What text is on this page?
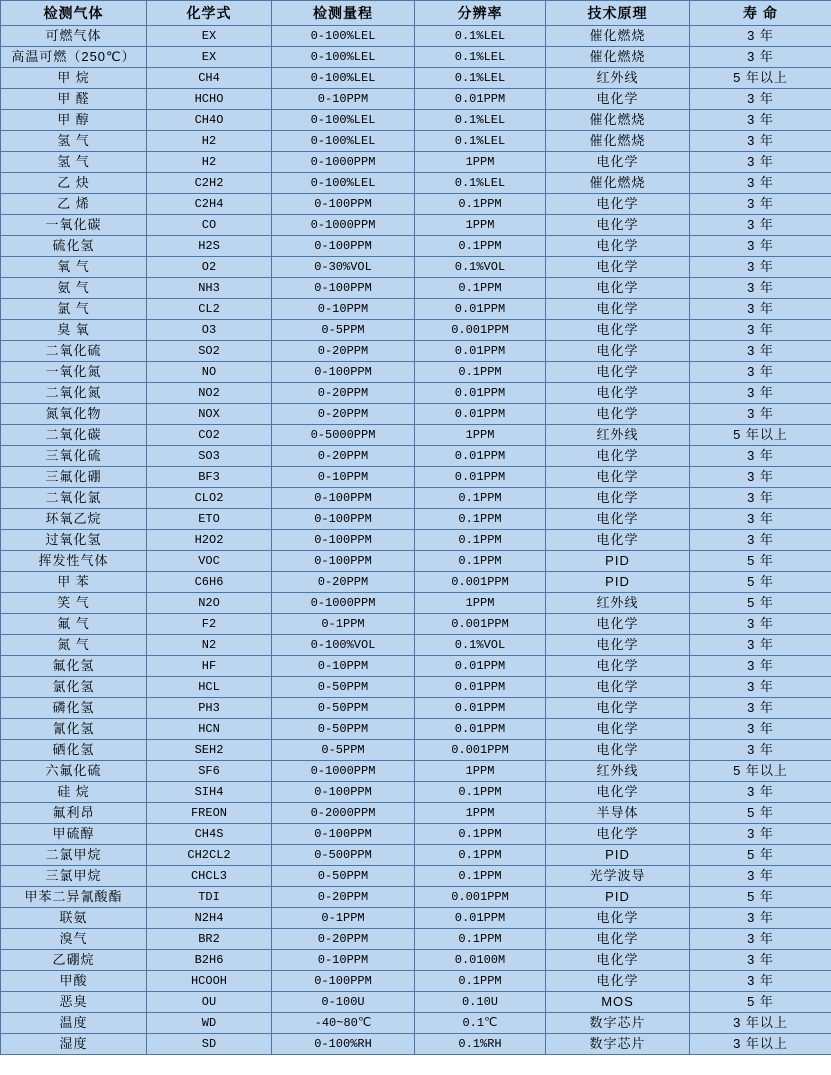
检测气体	化学式	检测量程	分辨率	技术原理	寿 命
可燃气体	EX	0-100%LEL	0.1%LEL	催化燃烧	3 年
高温可燃（250℃）	EX	0-100%LEL	0.1%LEL	催化燃烧	3 年
甲 烷	CH4	0-100%LEL	0.1%LEL	红外线	5 年以上
甲 醛	HCHO	0-10PPM	0.01PPM	电化学	3 年
甲 醇	CH4O	0-100%LEL	0.1%LEL	催化燃烧	3 年
氢 气	H2	0-100%LEL	0.1%LEL	催化燃烧	3 年
氢 气	H2	0-1000PPM	1PPM	电化学	3 年
乙 炔	C2H2	0-100%LEL	0.1%LEL	催化燃烧	3 年
乙 烯	C2H4	0-100PPM	0.1PPM	电化学	3 年
一氧化碳	CO	0-1000PPM	1PPM	电化学	3 年
硫化氢	H2S	0-100PPM	0.1PPM	电化学	3 年
氧 气	O2	0-30%VOL	0.1%VOL	电化学	3 年
氨 气	NH3	0-100PPM	0.1PPM	电化学	3 年
氯 气	CL2	0-10PPM	0.01PPM	电化学	3 年
臭 氧	O3	0-5PPM	0.001PPM	电化学	3 年
二氧化硫	SO2	0-20PPM	0.01PPM	电化学	3 年
一氧化氮	NO	0-100PPM	0.1PPM	电化学	3 年
二氧化氮	NO2	0-20PPM	0.01PPM	电化学	3 年
氮氧化物	NOX	0-20PPM	0.01PPM	电化学	3 年
二氧化碳	CO2	0-5000PPM	1PPM	红外线	5 年以上
三氧化硫	SO3	0-20PPM	0.01PPM	电化学	3 年
三氟化硼	BF3	0-10PPM	0.01PPM	电化学	3 年
二氧化氯	CLO2	0-100PPM	0.1PPM	电化学	3 年
环氧乙烷	ETO	0-100PPM	0.1PPM	电化学	3 年
过氧化氢	H2O2	0-100PPM	0.1PPM	电化学	3 年
挥发性气体	VOC	0-100PPM	0.1PPM	PID	5 年
甲 苯	C6H6	0-20PPM	0.001PPM	PID	5 年
笑 气	N2O	0-1000PPM	1PPM	红外线	5 年
氟 气	F2	0-1PPM	0.001PPM	电化学	3 年
氮 气	N2	0-100%VOL	0.1%VOL	电化学	3 年
氟化氢	HF	0-10PPM	0.01PPM	电化学	3 年
氯化氢	HCL	0-50PPM	0.01PPM	电化学	3 年
磷化氢	PH3	0-50PPM	0.01PPM	电化学	3 年
氰化氢	HCN	0-50PPM	0.01PPM	电化学	3 年
硒化氢	SEH2	0-5PPM	0.001PPM	电化学	3 年
六氟化硫	SF6	0-1000PPM	1PPM	红外线	5 年以上
硅 烷	SIH4	0-100PPM	0.1PPM	电化学	3 年
氟利昂	FREON	0-2000PPM	1PPM	半导体	5 年
甲硫醇	CH4S	0-100PPM	0.1PPM	电化学	3 年
二氯甲烷	CH2CL2	0-500PPM	0.1PPM	PID	5 年
三氯甲烷	CHCL3	0-50PPM	0.1PPM	光学波导	3 年
甲苯二异氰酸酯	TDI	0-20PPM	0.001PPM	PID	5 年
联氨	N2H4	0-1PPM	0.01PPM	电化学	3 年
溴气	BR2	0-20PPM	0.1PPM	电化学	3 年
乙硼烷	B2H6	0-10PPM	0.0100M	电化学	3 年
甲酸	HCOOH	0-100PPM	0.1PPM	电化学	3 年
恶臭	OU	0-100U	0.10U	MOS	5 年
温度	WD	-40~80℃	0.1℃	数字芯片	3 年以上
湿度	SD	0-100%RH	0.1%RH	数字芯片	3 年以上
